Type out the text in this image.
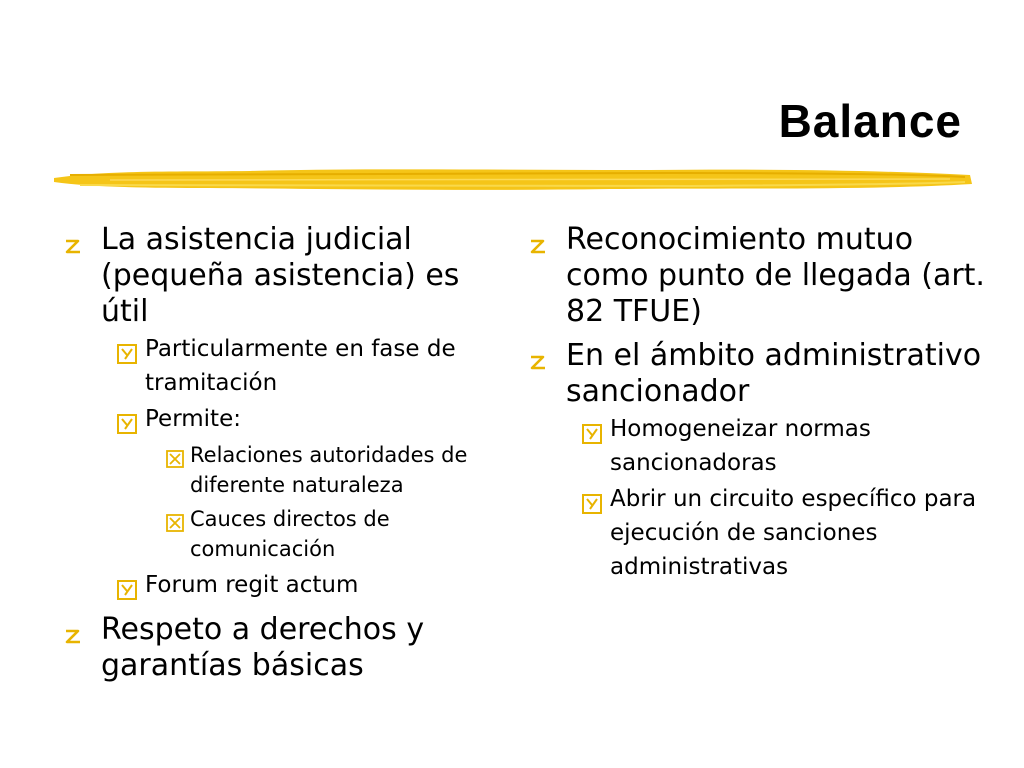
Balance
La asistencia judicial (pequeña asistencia) es útil
Particularmente en fase de tramitación
Permite:
Relaciones autoridades de diferente naturaleza
Cauces directos de comunicación
Forum regit actum
Respeto a derechos y garantías básicas
Reconocimiento mutuo como punto de llegada (art. 82 TFUE)
En el ámbito administrativo sancionador
Homogeneizar normas sancionadoras
Abrir un circuito específico para ejecución de sanciones administrativas
